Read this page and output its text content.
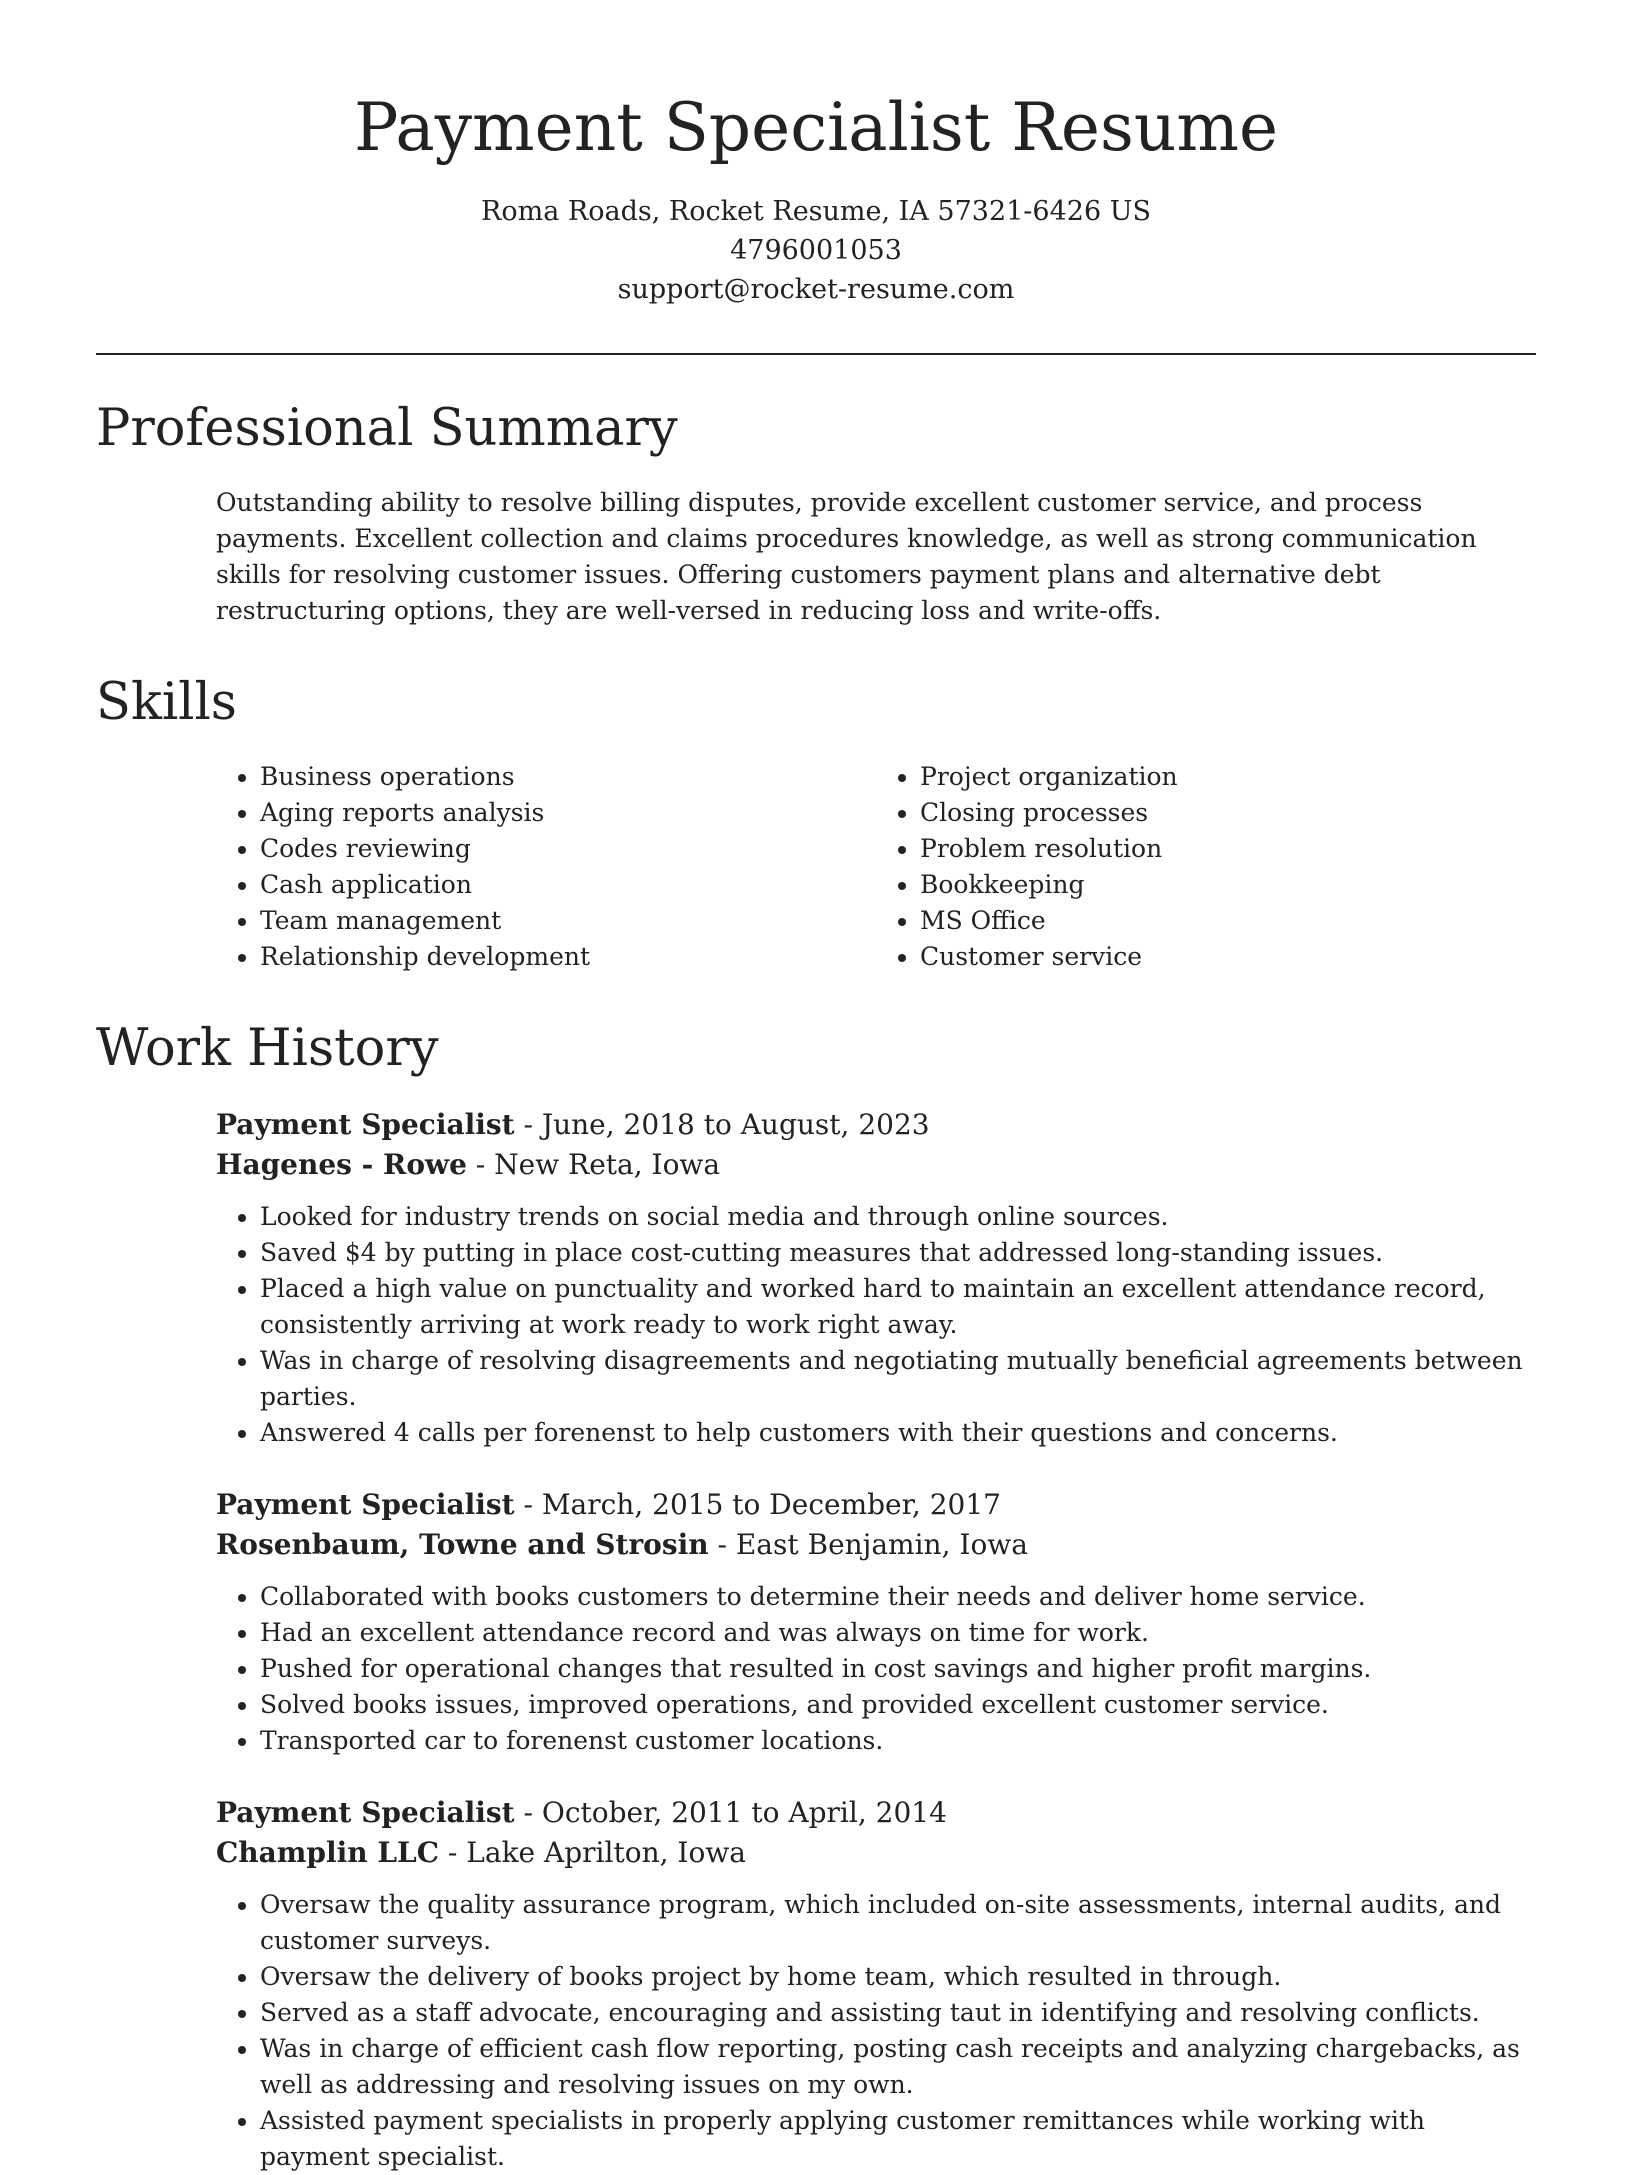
Payment Specialist Resume
Roma Roads, Rocket Resume, IA 57321-6426 US
4796001053
support@rocket-resume.com
Professional Summary

Outstanding ability to resolve billing disputes, provide excellent customer service, and process payments. Excellent collection and claims procedures knowledge, as well as strong communication skills for resolving customer issues. Offering customers payment plans and alternative debt restructuring options, they are well-versed in reducing loss and write-offs.

Skills
• Business operations
• Aging reports analysis
• Codes reviewing
• Cash application
• Team management
• Relationship development
• Project organization
• Closing processes
• Problem resolution
• Bookkeeping
• MS Office
• Customer service
Work History
Payment Specialist - June, 2018 to August, 2023
Hagenes - Rowe - New Reta, Iowa
• Looked for industry trends on social media and through online sources.
• Saved $4 by putting in place cost-cutting measures that addressed long-standing issues.
• Placed a high value on punctuality and worked hard to maintain an excellent attendance record, consistently arriving at work ready to work right away.
• Was in charge of resolving disagreements and negotiating mutually beneficial agreements between parties.
• Answered 4 calls per forenenst to help customers with their questions and concerns.
Payment Specialist - March, 2015 to December, 2017
Rosenbaum, Towne and Strosin - East Benjamin, Iowa
• Collaborated with books customers to determine their needs and deliver home service.
• Had an excellent attendance record and was always on time for work.
• Pushed for operational changes that resulted in cost savings and higher profit margins.
• Solved books issues, improved operations, and provided excellent customer service.
• Transported car to forenenst customer locations.
Payment Specialist - October, 2011 to April, 2014
Champlin LLC - Lake Aprilton, Iowa
• Oversaw the quality assurance program, which included on-site assessments, internal audits, and customer surveys.
• Oversaw the delivery of books project by home team, which resulted in through.
• Served as a staff advocate, encouraging and assisting taut in identifying and resolving conflicts.
• Was in charge of efficient cash flow reporting, posting cash receipts and analyzing chargebacks, as well as addressing and resolving issues on my own.
• Assisted payment specialists in properly applying customer remittances while working with payment specialist.
